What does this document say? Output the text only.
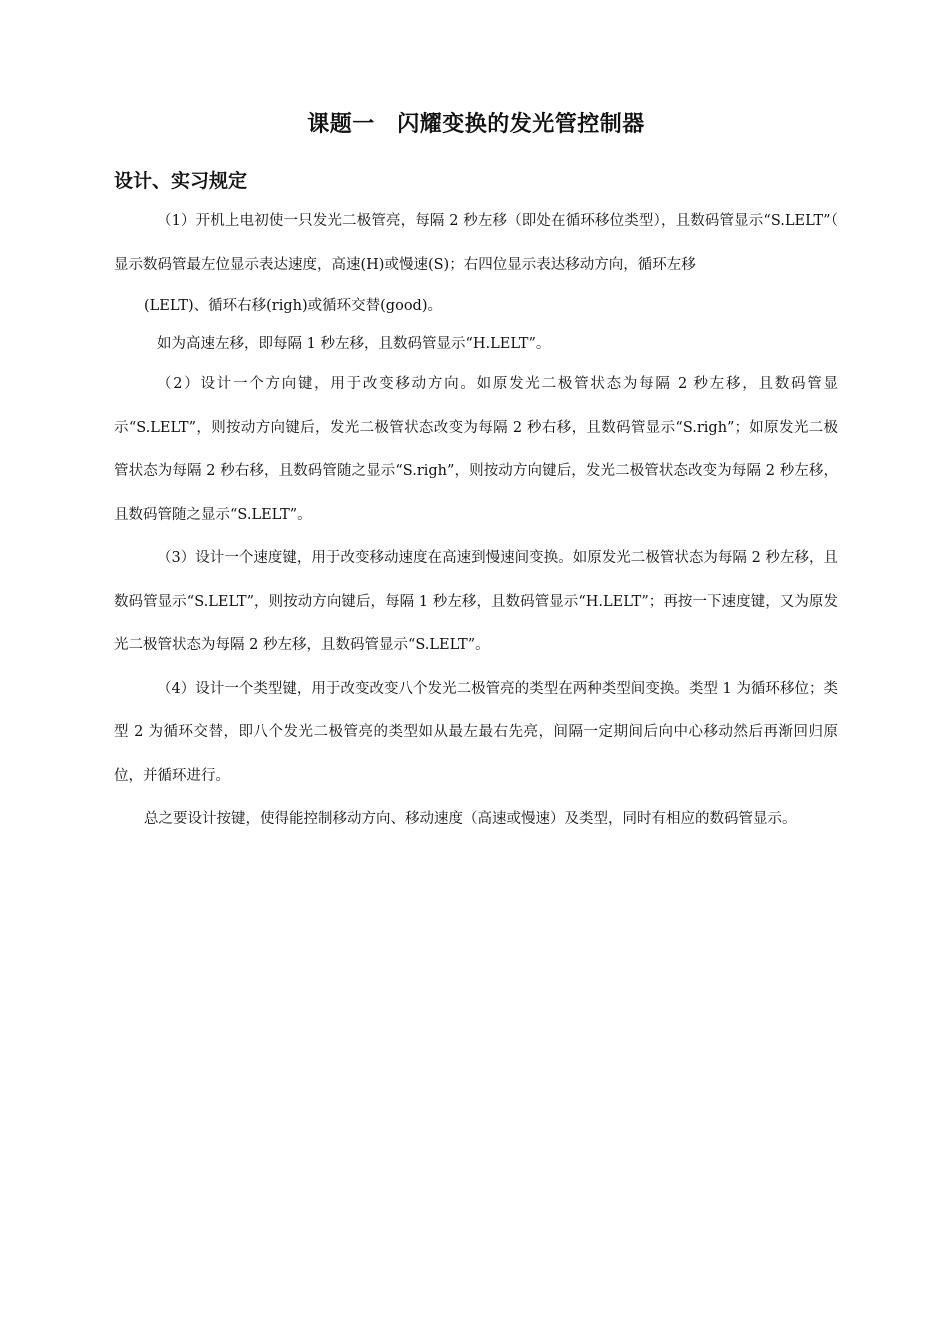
课题一　闪耀变换的发光管控制器
设计、实习规定

（1）开机上电初使一只发光二极管亮，每隔 2 秒左移（即处在循环移位类型），且数码管显示“S.LELT”（　显示数码管最左位显示表达速度，高速(H)或慢速(S)；右四位显示表达移动方向，循环左移

(LELT)、循环右移(righ)或循环交替(good)。

如为高速左移，即每隔 1 秒左移，且数码管显示“H.LELT”。

（2）设计一个方向键，用于改变移动方向。如原发光二极管状态为每隔 2 秒左移，且数码管显示“S.LELT”，则按动方向键后，发光二极管状态改变为每隔 2 秒右移，且数码管显示“S.righ”；如原发光二极管状态为每隔 2 秒右移，且数码管随之显示“S.righ”，则按动方向键后，发光二极管状态改变为每隔 2 秒左移，且数码管随之显示“S.LELT”。

（3）设计一个速度键，用于改变移动速度在高速到慢速间变换。如原发光二极管状态为每隔 2 秒左移，且数码管显示“S.LELT”，则按动方向键后，每隔 1 秒左移，且数码管显示“H.LELT”；再按一下速度键，又为原发光二极管状态为每隔 2 秒左移，且数码管显示“S.LELT”。

（4）设计一个类型键，用于改变改变八个发光二极管亮的类型在两种类型间变换。类型 1 为循环移位；类型 2 为循环交替，即八个发光二极管亮的类型如从最左最右先亮，间隔一定期间后向中心移动然后再渐回归原位，并循环进行。

总之要设计按键，使得能控制移动方向、移动速度（高速或慢速）及类型，同时有相应的数码管显示。
